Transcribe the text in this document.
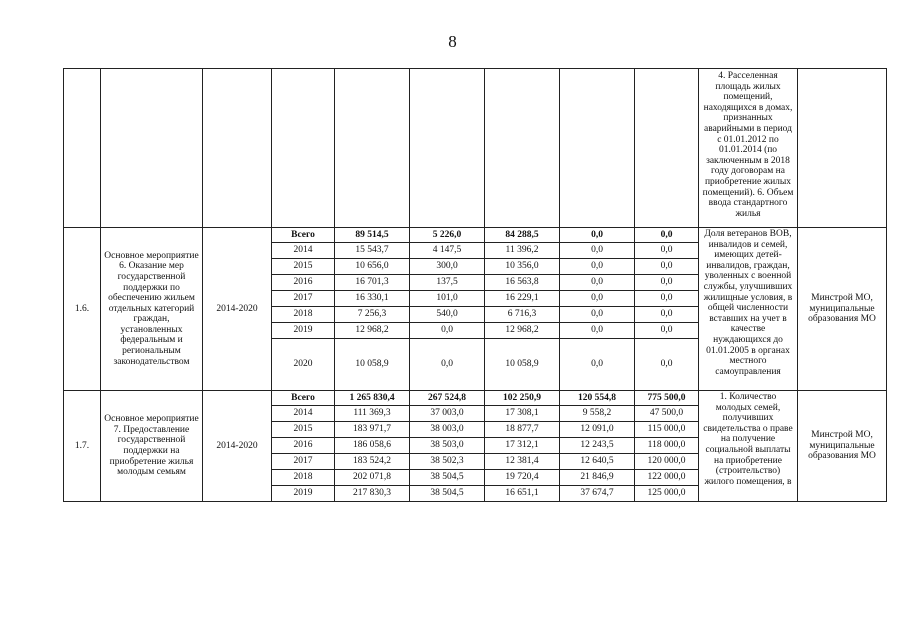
8
									4. Расселенная площадь жилых помещений, находящихся в домах, признанных аварийными в период с 01.01.2012 по 01.01.2014 (по заключенным в 2018 году договорам на приобретение жилых помещений). 6. Объем ввода стандартного жилья	
1.6.	Основное мероприятие 6. Оказание мер государственной поддержки по обеспечению жильем отдельных категорий граждан, установленных федеральным и региональным законодательством	2014-2020	Всего	89 514,5	5 226,0	84 288,5	0,0	0,0	Доля ветеранов ВОВ, инвалидов и семей, имеющих детей-инвалидов, граждан, уволенных с военной службы, улучшивших жилищные условия, в общей численности вставших на учет в качестве нуждающихся до 01.01.2005 в органах местного самоуправления	Минстрой МО, муниципальные образования МО
			2014	15 543,7	4 147,5	11 396,2	0,0	0,0		
			2015	10 656,0	300,0	10 356,0	0,0	0,0		
			2016	16 701,3	137,5	16 563,8	0,0	0,0		
			2017	16 330,1	101,0	16 229,1	0,0	0,0		
			2018	7 256,3	540,0	6 716,3	0,0	0,0		
			2019	12 968,2	0,0	12 968,2	0,0	0,0		
			2020	10 058,9	0,0	10 058,9	0,0	0,0		
1.7.	Основное мероприятие 7. Предоставление государственной поддержки на приобретение жилья молодым семьям	2014-2020	Всего	1 265 830,4	267 524,8	102 250,9	120 554,8	775 500,0	1. Количество молодых семей, получивших свидетельства о праве на получение социальной выплаты на приобретение (строительство) жилого помещения, в	Минстрой МО, муниципальные образования МО
			2014	111 369,3	37 003,0	17 308,1	9 558,2	47 500,0		
			2015	183 971,7	38 003,0	18 877,7	12 091,0	115 000,0		
			2016	186 058,6	38 503,0	17 312,1	12 243,5	118 000,0		
			2017	183 524,2	38 502,3	12 381,4	12 640,5	120 000,0		
			2018	202 071,8	38 504,5	19 720,4	21 846,9	122 000,0		
			2019	217 830,3	38 504,5	16 651,1	37 674,7	125 000,0		
